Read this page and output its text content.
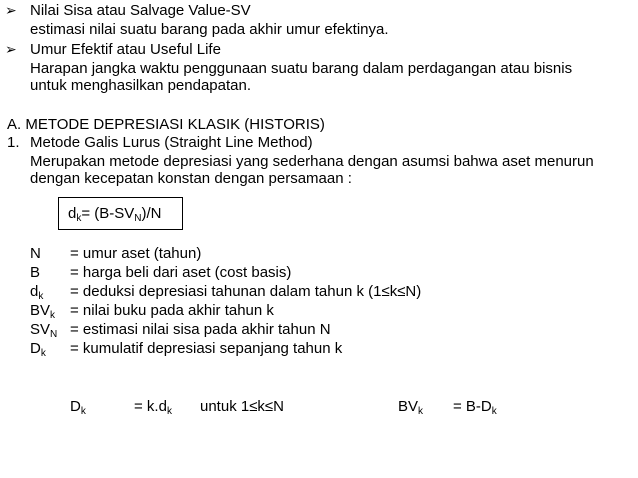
➢ Nilai Sisa atau Salvage Value-SV
estimasi nilai suatu barang pada akhir umur efektinya.
➢ Umur Efektif atau Useful Life
Harapan jangka waktu penggunaan suatu barang dalam perdagangan atau bisnis
untuk menghasilkan pendapatan.
A. METODE DEPRESIASI KLASIK (HISTORIS)
1. Metode Galis Lurus (Straight Line Method)
Merupakan metode depresiasi yang sederhana dengan asumsi bahwa aset menurun
dengan kecepatan konstan dengan persamaan :
$d_k= (B-SV_N)/N$
N = umur aset (tahun)
B = harga beli dari aset (cost basis)
$d_k$ = deduksi depresiasi tahunan dalam tahun k (1≤k≤N)
$BV_k$ = nilai buku pada akhir tahun k
$SV_N$ = estimasi nilai sisa pada akhir tahun N
$D_k$ = kumulatif depresiasi sepanjang tahun k
$D_k$	= $k.d_k$ untuk 1≤k≤N	$BV_k = B-D_k$
